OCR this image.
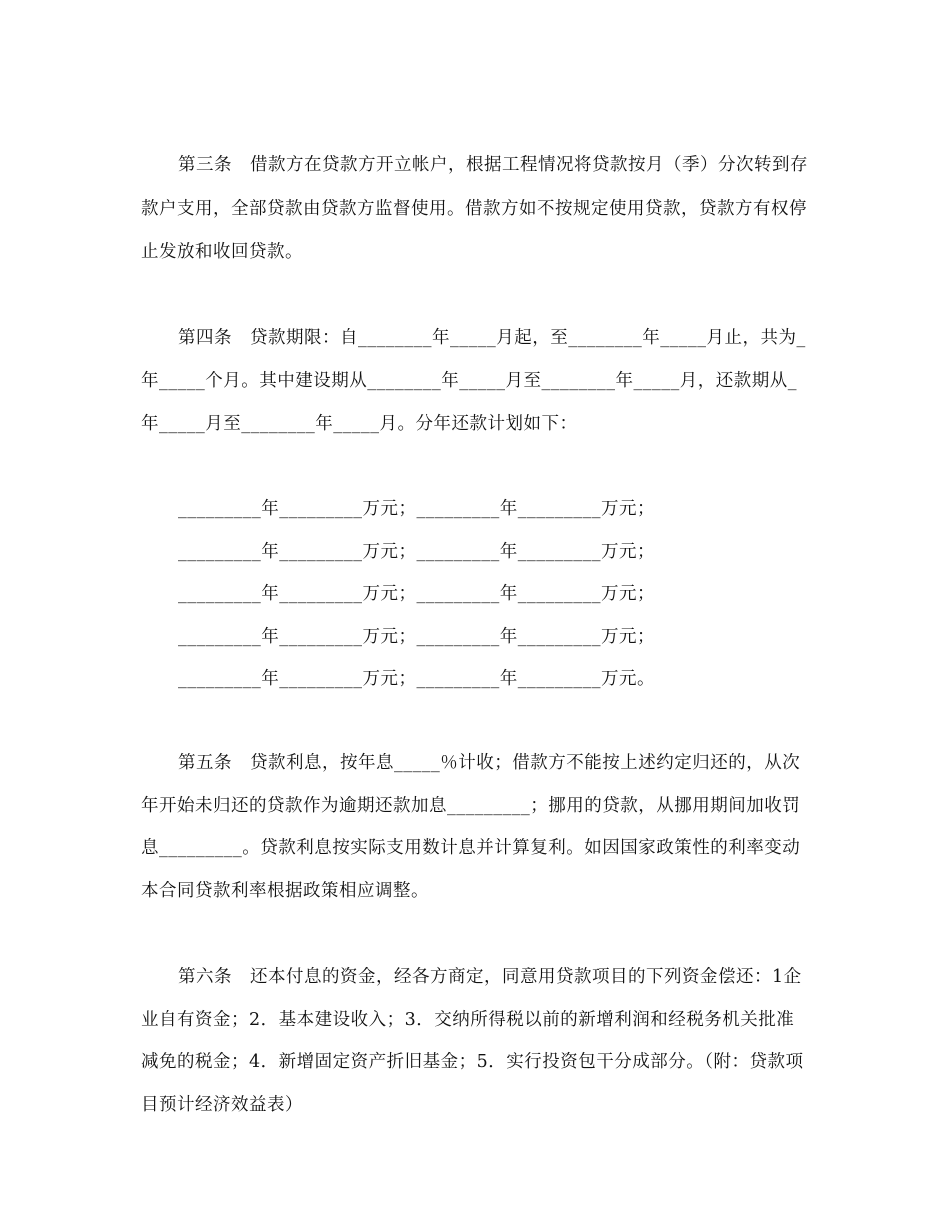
第三条　借款方在贷款方开立帐户，根据工程情况将贷款按月（季）分次转到存
款户支用，全部贷款由贷款方监督使用。借款方如不按规定使用贷款，贷款方有权停
止发放和收回贷款。
第四条　贷款期限：自________年_____月起，至________年_____月止，共为_
年_____个月。其中建设期从________年_____月至________年_____月，还款期从_
年_____月至________年_____月。分年还款计划如下：
_________年_________万元；_________年_________万元；
_________年_________万元；_________年_________万元；
_________年_________万元；_________年_________万元；
_________年_________万元；_________年_________万元；
_________年_________万元；_________年_________万元。
第五条　贷款利息，按年息_____％计收；借款方不能按上述约定归还的，从次
年开始未归还的贷款作为逾期还款加息_________；挪用的贷款，从挪用期间加收罚
息_________。贷款利息按实际支用数计息并计算复利。如因国家政策性的利率变动
本合同贷款利率根据政策相应调整。
第六条　还本付息的资金，经各方商定，同意用贷款项目的下列资金偿还：1企
业自有资金；2．基本建设收入；3．交纳所得税以前的新增利润和经税务机关批准
减免的税金；4．新增固定资产折旧基金；5．实行投资包干分成部分。（附：贷款项
目预计经济效益表）
